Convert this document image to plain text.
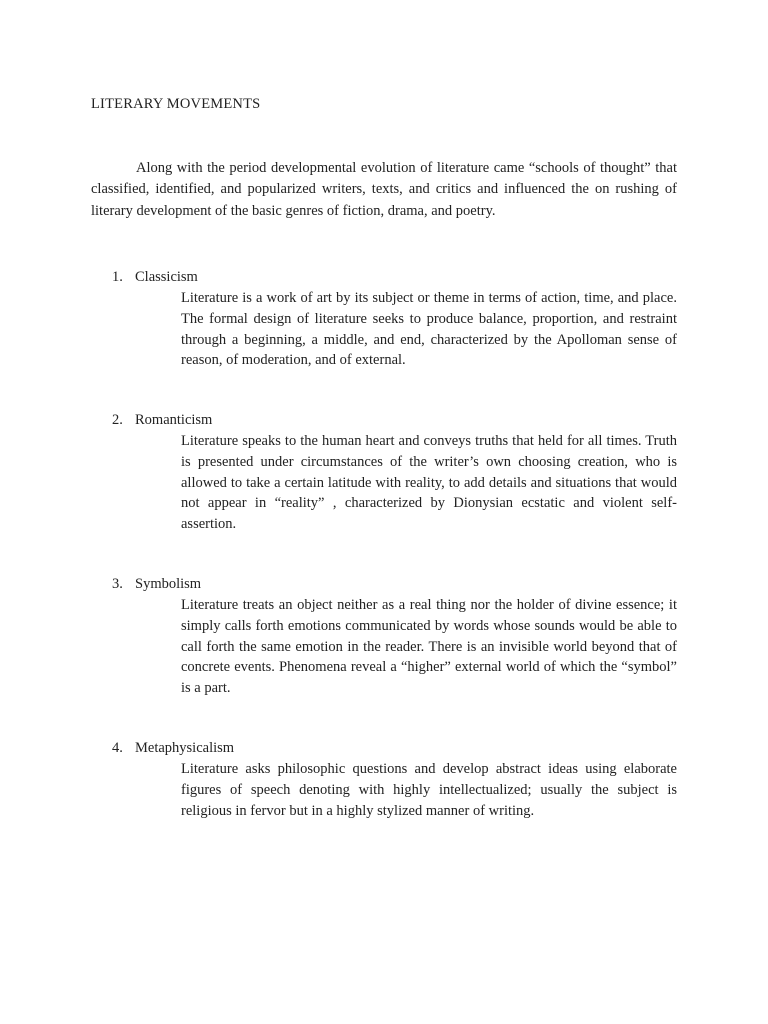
LITERARY MOVEMENTS

Along with the period developmental evolution of literature came “schools of thought” that classified, identified, and popularized writers, texts, and critics and influenced the on rushing of literary development of the basic genres of fiction, drama, and poetry.

1. Classicism

Literature is a work of art by its subject or theme in terms of action, time, and place. The formal design of literature seeks to produce balance, proportion, and restraint through a beginning, a middle, and end, characterized by the Apolloman sense of reason, of moderation, and of external.

2. Romanticism

Literature speaks to the human heart and conveys truths that held for all times. Truth is presented under circumstances of the writer’s own choosing creation, who is allowed to take a certain latitude with reality, to add details and situations that would not appear in “reality” , characterized by Dionysian ecstatic and violent self-assertion.

3. Symbolism

Literature treats an object neither as a real thing nor the holder of divine essence; it simply calls forth emotions communicated by words whose sounds would be able to call forth the same emotion in the reader. There is an invisible world beyond that of concrete events. Phenomena reveal a “higher” external world of which the “symbol” is a part.

4. Metaphysicalism

Literature asks philosophic questions and develop abstract ideas using elaborate figures of speech denoting with highly intellectualized; usually the subject is religious in fervor but in a highly stylized manner of writing.
